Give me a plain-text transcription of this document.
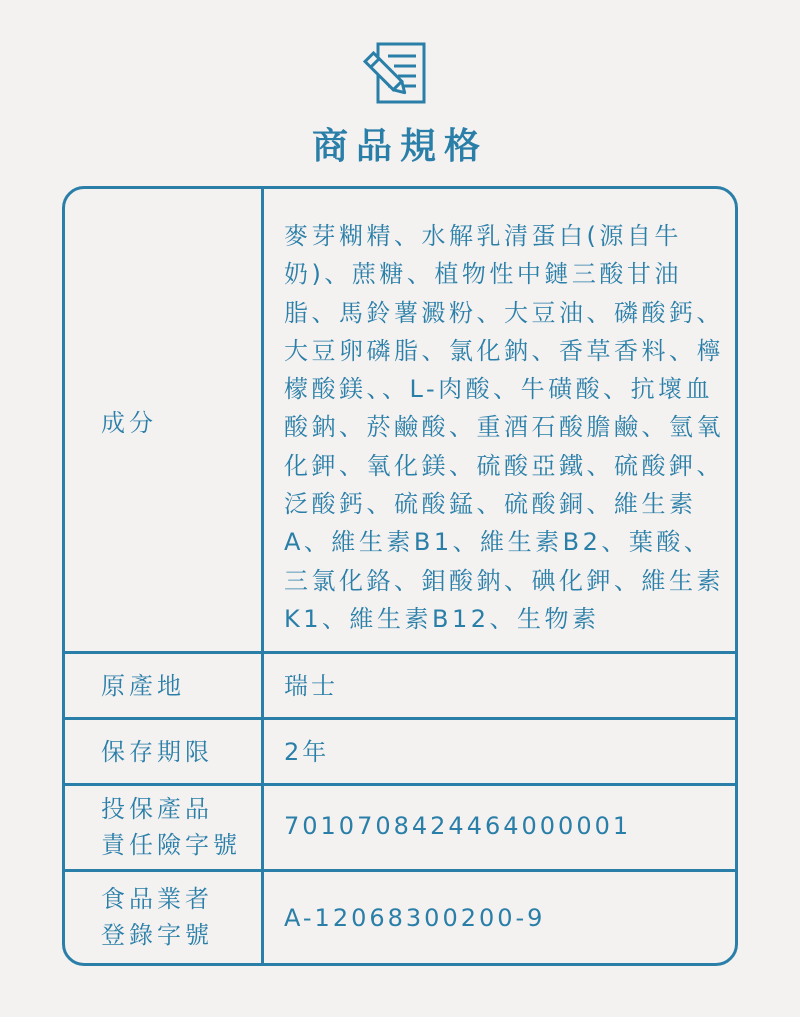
商品規格
成分
麥芽糊精、水解乳清蛋白(源自牛奶)、蔗糖、植物性中鏈三酸甘油脂、馬鈴薯澱粉、大豆油、磷酸鈣、大豆卵磷脂、氯化鈉、香草香料、檸檬酸鎂、、L-肉酸、牛磺酸、抗壞血酸鈉、菸鹼酸、重酒石酸膽鹼、氫氧化鉀、氧化鎂、硫酸亞鐵、硫酸鉀、泛酸鈣、硫酸錳、硫酸銅、維生素A、維生素B1、維生素B2、葉酸、三氯化鉻、鉬酸鈉、碘化鉀、維生素K1、維生素B12、生物素
原產地	瑞士
保存期限	2年
投保產品
責任險字號
7010708424464000001
食品業者
登錄字號
A-12068300200-9
